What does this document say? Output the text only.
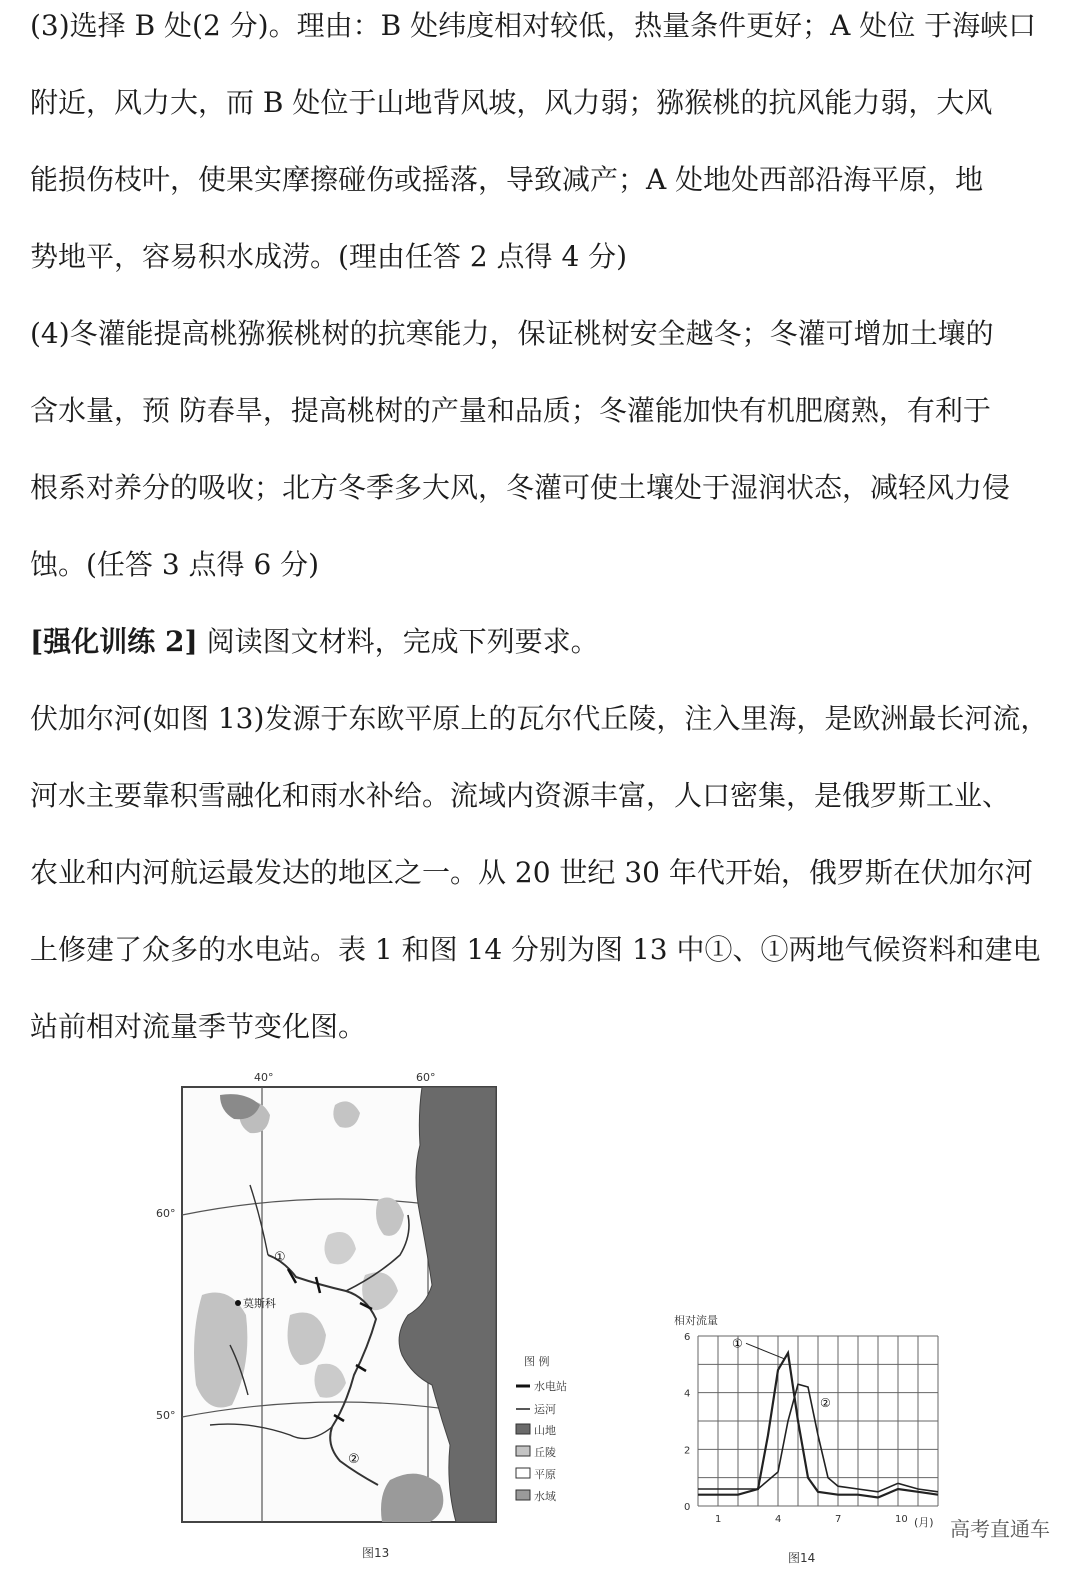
(3)选择 B 处(2 分)。理由：B 处纬度相对较低，热量条件更好；A 处位 于海峡口
附近，风力大，而 B 处位于山地背风坡，风力弱；猕猴桃的抗风能力弱，大风
能损伤枝叶，使果实摩擦碰伤或摇落，导致减产；A 处地处西部沿海平原，地
势地平，容易积水成涝。(理由任答 2 点得 4 分)
(4)冬灌能提高桃猕猴桃树的抗寒能力，保证桃树安全越冬；冬灌可增加土壤的
含水量，预 防春旱，提高桃树的产量和品质；冬灌能加快有机肥腐熟，有利于
根系对养分的吸收；北方冬季多大风，冬灌可使土壤处于湿润状态，减轻风力侵
蚀。(任答 3 点得 6 分)
[强化训练 2] 阅读图文材料，完成下列要求。
伏加尔河(如图 13)发源于东欧平原上的瓦尔代丘陵，注入里海，是欧洲最长河流，
河水主要靠积雪融化和雨水补给。流域内资源丰富，人口密集，是俄罗斯工业、
农业和内河航运最发达的地区之一。从 20 世纪 30 年代开始，俄罗斯在伏加尔河
上修建了众多的水电站。表 1 和图 14 分别为图 13 中①、①两地气候资料和建电
站前相对流量季节变化图。
①
②
莫斯科
40°	60°
60°
50°
图 例
水电站
运河
山地
丘陵
平原
水域
图13
相对流量
1	4	7	10
0
2
4
6	①
②
(月)
图14
高考直通车
